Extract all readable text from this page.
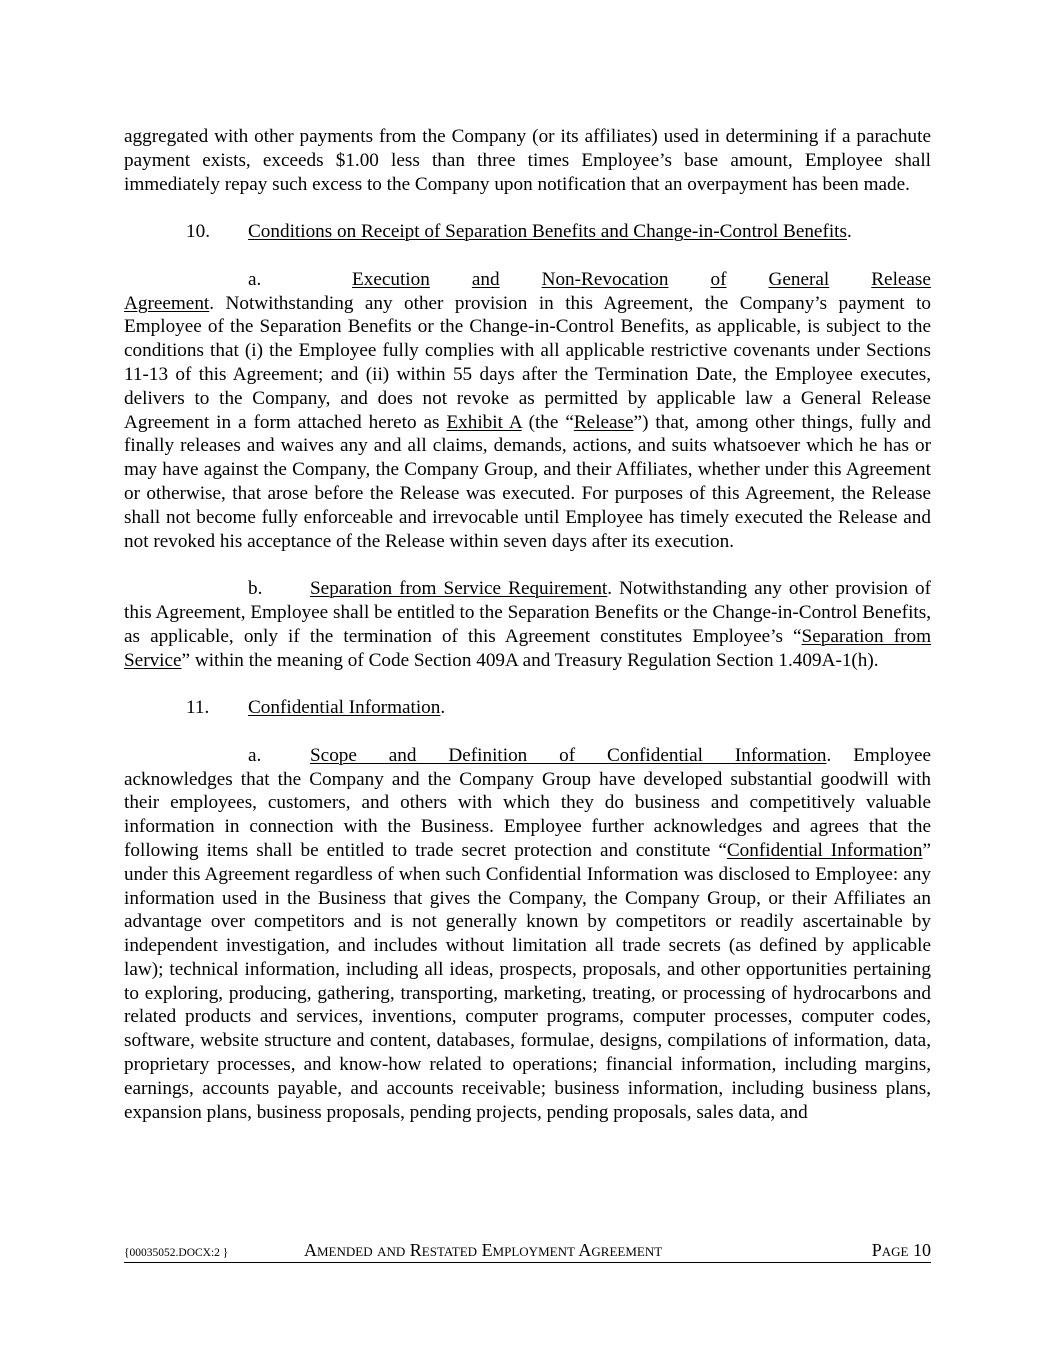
aggregated with other payments from the Company (or its affiliates) used in determining if a parachute payment exists, exceeds $1.00 less than three times Employee’s base amount, Employee shall immediately repay such excess to the Company upon notification that an overpayment has been made.

10. Conditions on Receipt of Separation Benefits and Change-in-Control Benefits.

a.	Execution and Non-Revocation of General Release

Agreement. Notwithstanding any other provision in this Agreement, the Company’s payment to Employee of the Separation Benefits or the Change-in-Control Benefits, as applicable, is subject to the conditions that (i) the Employee fully complies with all applicable restrictive covenants under Sections 11-13 of this Agreement; and (ii) within 55 days after the Termination Date, the Employee executes, delivers to the Company, and does not revoke as permitted by applicable law a General Release Agreement in a form attached hereto as Exhibit A (the “Release”) that, among other things, fully and finally releases and waives any and all claims, demands, actions, and suits whatsoever which he has or may have against the Company, the Company Group, and their Affiliates, whether under this Agreement or otherwise, that arose before the Release was executed. For purposes of this Agreement, the Release shall not become fully enforceable and irrevocable until Employee has timely executed the Release and not revoked his acceptance of the Release within seven days after its execution.

b. Separation from Service Requirement. Notwithstanding any other provision of this Agreement, Employee shall be entitled to the Separation Benefits or the Change-in-Control Benefits, as applicable, only if the termination of this Agreement constitutes Employee’s “Separation from Service” within the meaning of Code Section 409A and Treasury Regulation Section 1.409A-1(h).

11. Confidential Information.

a.	Scope and Definition of Confidential Information. Employee acknowledges that the Company and the Company Group have developed substantial goodwill with their employees, customers, and others with which they do business and competitively valuable information in connection with the Business. Employee further acknowledges and agrees that the following items shall be entitled to trade secret protection and constitute “Confidential Information” under this Agreement regardless of when such Confidential Information was disclosed to Employee: any information used in the Business that gives the Company, the Company Group, or their Affiliates an advantage over competitors and is not generally known by competitors or readily ascertainable by independent investigation, and includes without limitation all trade secrets (as defined by applicable law); technical information, including all ideas, prospects, proposals, and other opportunities pertaining to exploring, producing, gathering, transporting, marketing, treating, or processing of hydrocarbons and related products and services, inventions, computer programs, computer processes, computer codes, software, website structure and content, databases, formulae, designs, compilations of information, data, proprietary processes, and know-how related to operations; financial information, including margins, earnings, accounts payable, and accounts receivable; business information, including business plans, expansion plans, business proposals, pending projects, pending proposals, sales data, and

{00035052.DOCX:2 }	Amended and Restated Employment Agreement	Page 10
